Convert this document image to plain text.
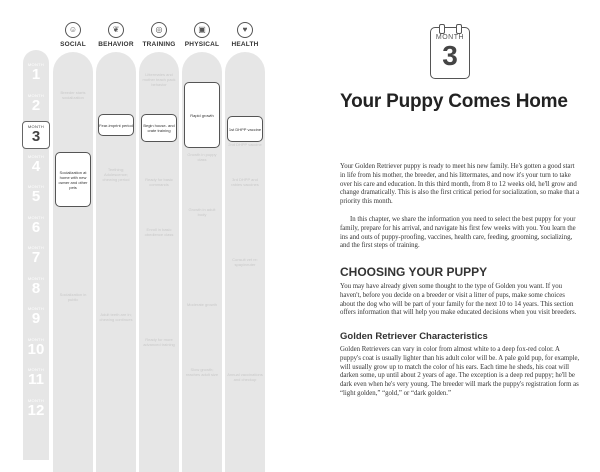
MONTH
1
MONTH
2
MONTH
3
MONTH
4
MONTH
5
MONTH
6
MONTH
7
MONTH
8
MONTH
9
MONTH
10
MONTH
11
MONTH
12
☺
SOCIAL
Breeder starts socialization
Socialization at home with new owner and other pets
Socialization in public
❦
BEHAVIOR
Fear-imprint period
Teething; Adolescence; chewing period
Adult teeth are in; chewing continues
◎
TRAINING
Littermates and mother teach pack behavior
Begin house- and crate training
Ready for basic commands
Enroll in basic obedience class
Ready for more advanced training
▣
PHYSICAL
Rapid growth
Growth in puppy class
Growth in adult body
Moderate growth
Slow growth; reaches adult size
♥
HEALTH
1st DHPP vaccine
2nd DHPP vaccine
3rd DHPP and rabies vaccines
Consult vet re: spay/neuter
Annual vaccinations and checkup
MONTH
3
Your Puppy Comes Home

Your Golden Retriever puppy is ready to meet his new family. He's gotten a good start in life from his mother, the breeder, and his littermates, and now it's your turn to take over his care and education. In this third month, from 8 to 12 weeks old, he'll grow and change dramatically. This is also the first critical period for socialization, so make that a priority this month.

In this chapter, we share the information you need to select the best puppy for your family, prepare for his arrival, and navigate his first few weeks with you. You learn the ins and outs of puppy-proofing, vaccines, health care, feeding, grooming, socializing, and the first steps of training.

CHOOSING YOUR PUPPY

You may have already given some thought to the type of Golden you want. If you haven't, before you decide on a breeder or visit a litter of pups, make some choices about the dog who will be part of your family for the next 10 to 14 years. This section offers information that will help you make educated decisions when you visit breeders.

Golden Retriever Characteristics

Golden Retrievers can vary in color from almost white to a deep fox-red color. A puppy's coat is usually lighter than his adult color will be. A pale gold pup, for example, will usually grow up to match the color of his ears. Each time he sheds, his coat will darken some, up until about 2 years of age. The exception is a deep red puppy; he'll be dark even when he's very young. The breeder will mark the puppy's registration form as “light golden,” “gold,” or “dark golden.”
